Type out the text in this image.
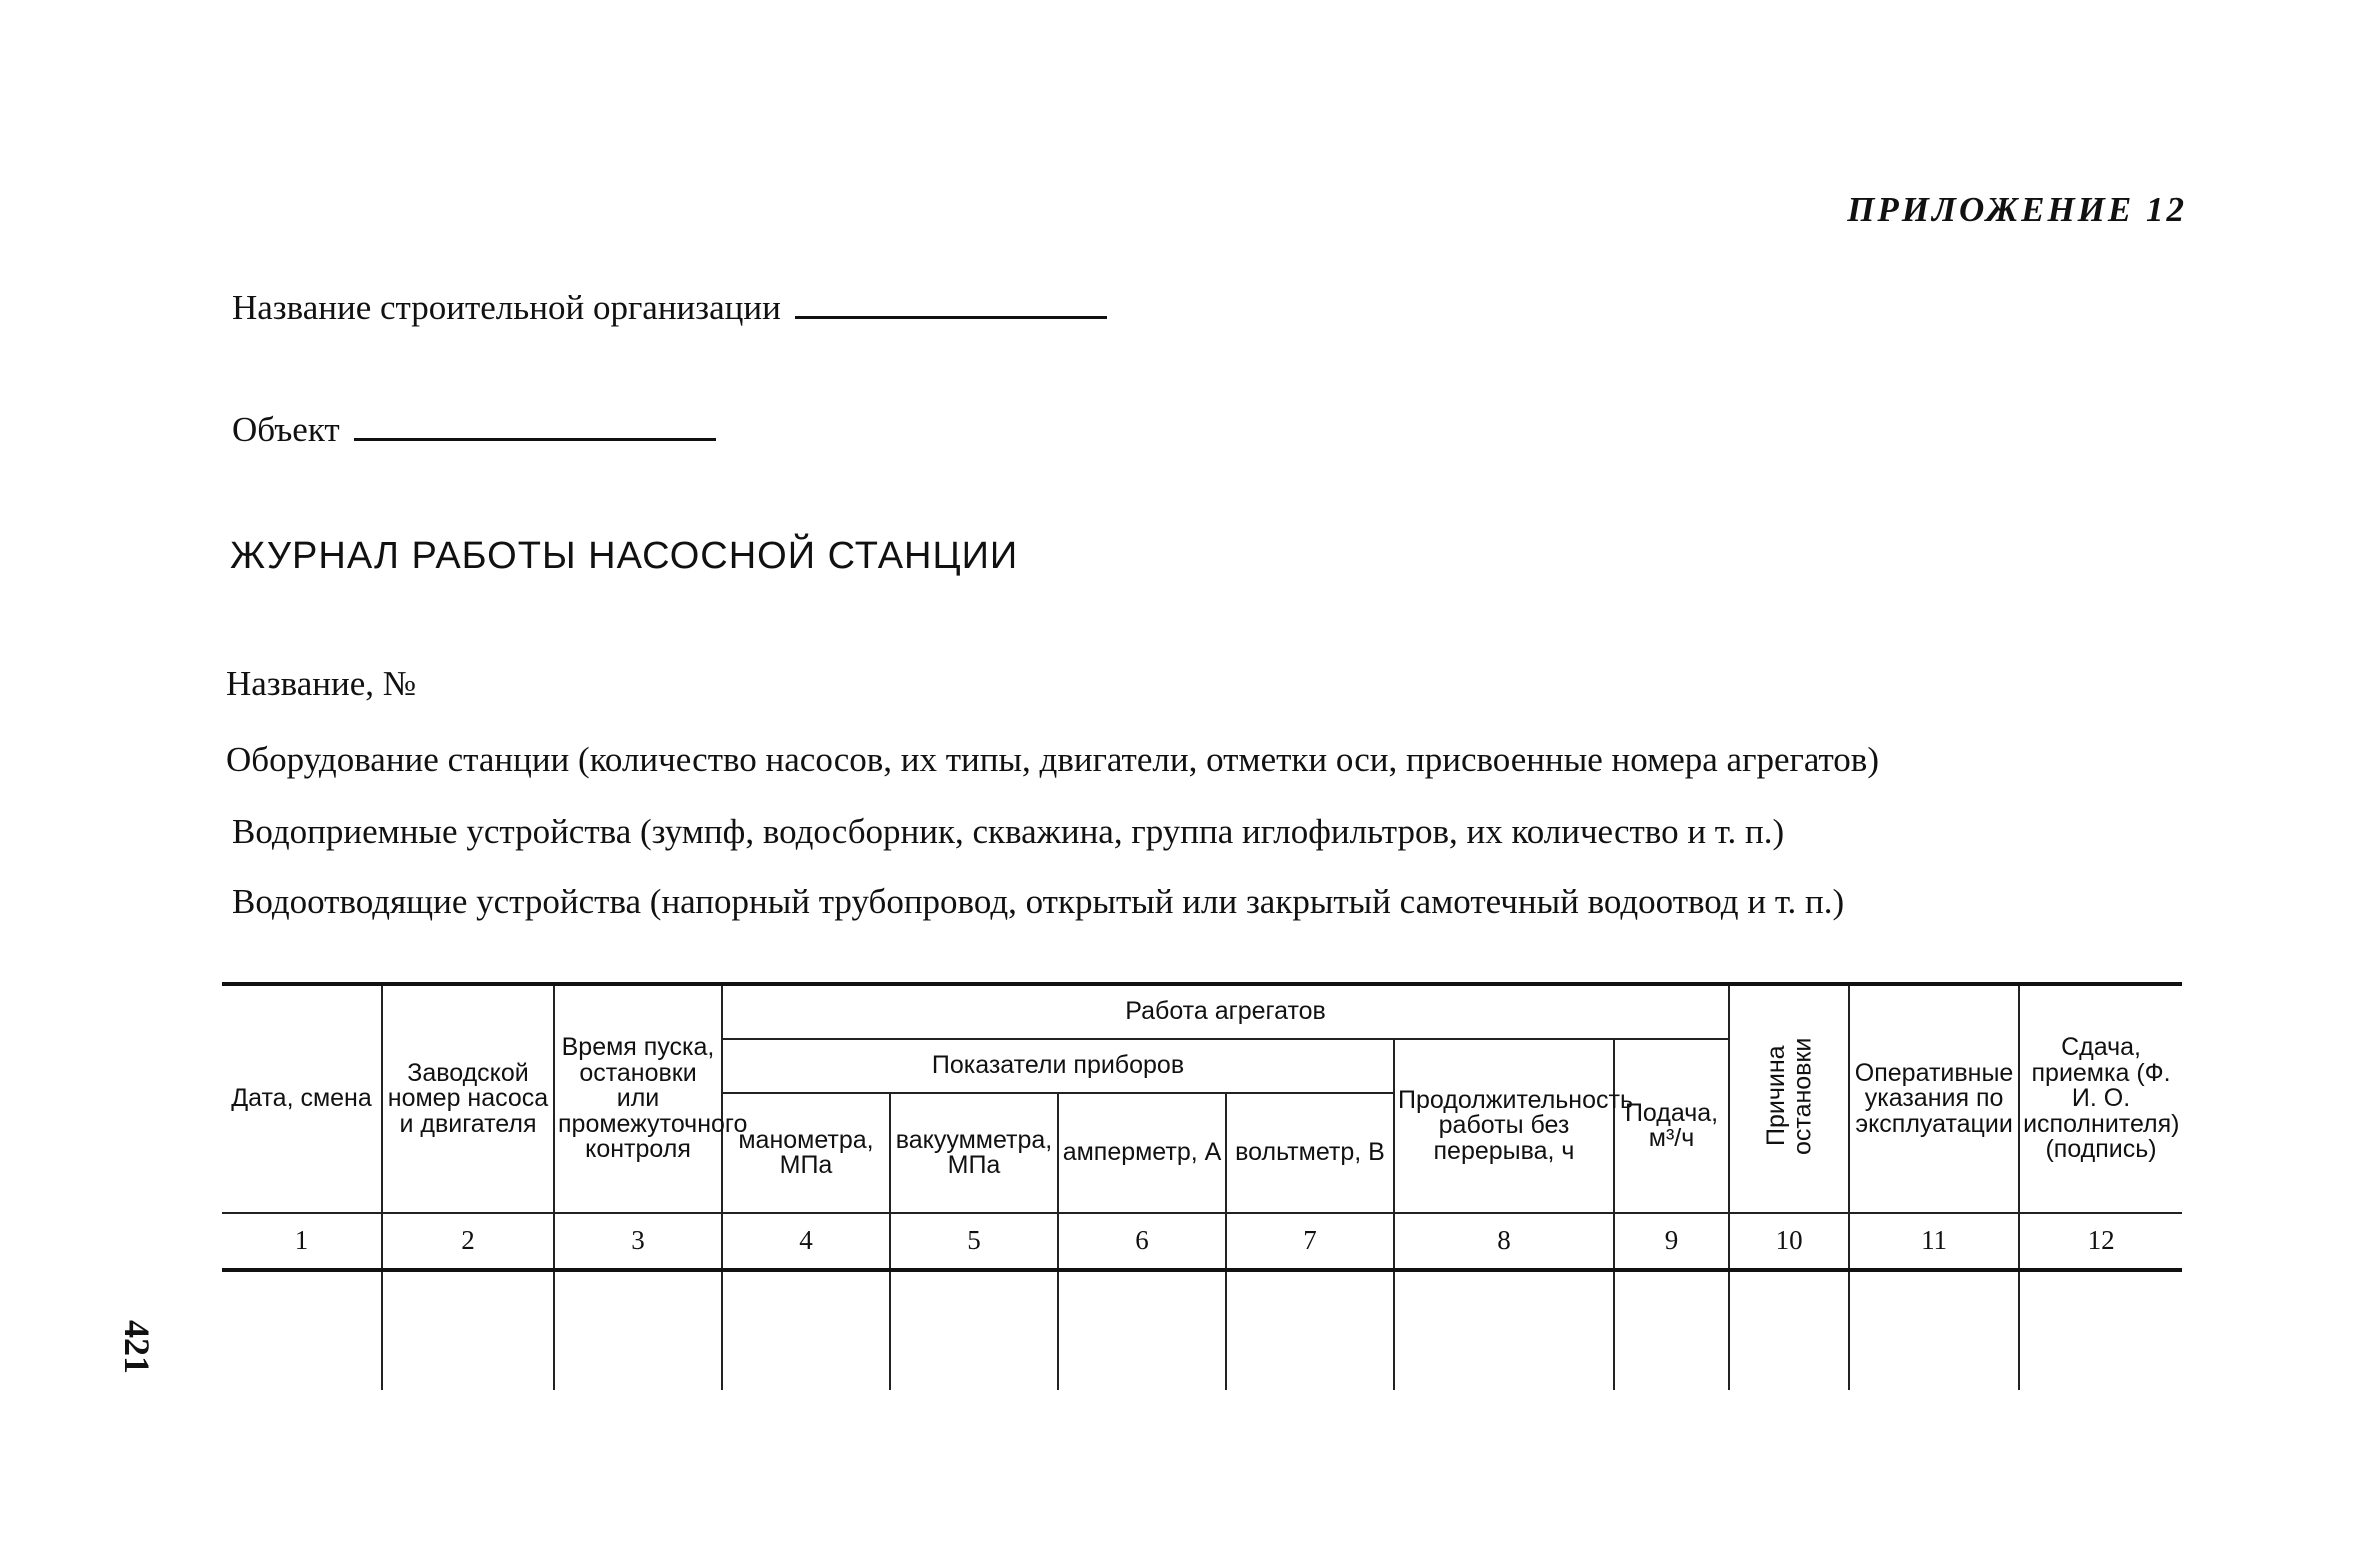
ПРИЛОЖЕНИЕ 12
Название строительной организации
Объект
ЖУРНАЛ РАБОТЫ НАСОСНОЙ СТАНЦИИ
Название, №
Оборудование станции (количество насосов, их типы, двигатели, отметки оси, присвоенные номера агрегатов)
Водоприемные устройства (зумпф, водосборник, скважина, группа иглофильтров, их количество и т. п.)
Водоотводящие устройства (напорный трубопровод, открытый или закрытый самотечный водоотвод и т. п.)
421
Дата, смена	Заводской номер насоса и двигателя	Время пуска, остановки или промежуточного контроля	Работа агрегатов						Причина остановки	Оперативные указания по эксплуатации	Сдача, приемка (Ф. И. О. исполнителя) (подпись)
			Показатели приборов				Продолжительность работы без перерыва, ч	Подача, м³/ч			
			манометра, МПа	вакуумметра, МПа	амперметр, А	вольтметр, В					
1	2	3	4	5	6	7	8	9	10	11	12
